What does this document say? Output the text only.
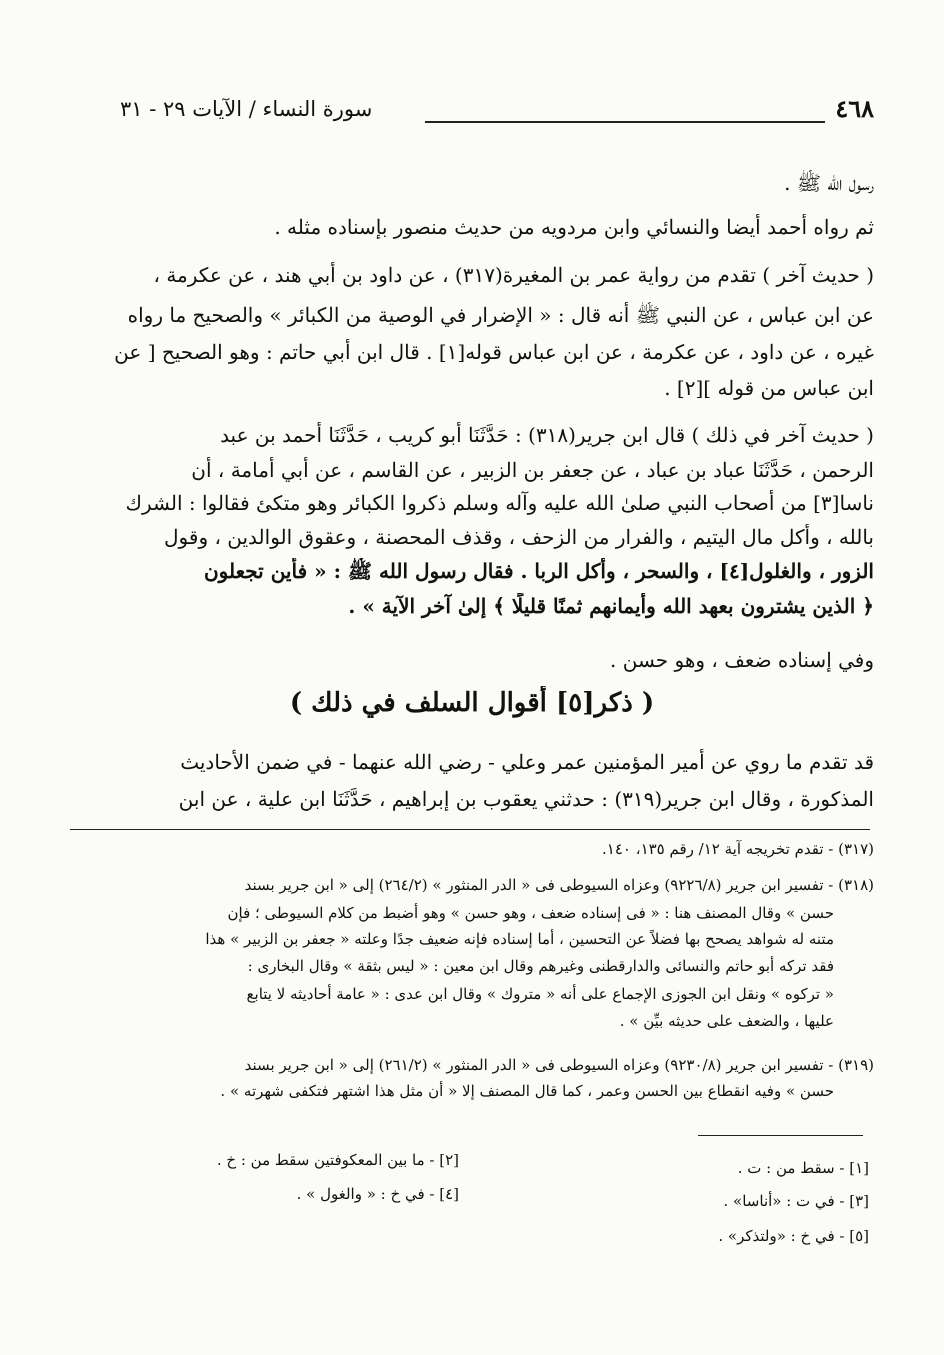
٤٦٨
سورة النساء / الآيات ٢٩ - ٣١
رسول الله ﷺ .
ثم رواه أحمد أيضا والنسائي وابن مردويه من حديث منصور بإسناده مثله .
( حديث آخر ) تقدم من رواية عمر بن المغيرة(٣١٧) ، عن داود بن أبي هند ، عن عكرمة ،
عن ابن عباس ، عن النبي ﷺ أنه قال : « الإضرار في الوصية من الكبائر » والصحيح ما رواه
غيره ، عن داود ، عن عكرمة ، عن ابن عباس قوله[١] . قال ابن أبي حاتم : وهو الصحيح [ عن
ابن عباس من قوله ][٢] .
( حديث آخر في ذلك ) قال ابن جرير(٣١٨) : حَدَّثَنَا أبو كريب ، حَدَّثَنَا أحمد بن عبد
الرحمن ، حَدَّثَنَا عباد بن عباد ، عن جعفر بن الزبير ، عن القاسم ، عن أبي أمامة ، أن
ناسا[٣] من أصحاب النبي صلىٰ الله عليه وآله وسلم ذكروا الكبائر وهو متكئ فقالوا : الشرك
بالله ، وأكل مال اليتيم ، والفرار من الزحف ، وقذف المحصنة ، وعقوق الوالدين ، وقول
الزور ، والغلول[٤] ، والسحر ، وأكل الربا . فقال رسول الله ﷺ : « فأين تجعلون
﴿ الذين يشترون بعهد الله وأيمانهم ثمنًا قليلًا ﴾ إلىٰ آخر الآية » .
وفي إسناده ضعف ، وهو حسن .
( ذكر[٥] أقوال السلف في ذلك )
قد تقدم ما روي عن أمير المؤمنين عمر وعلي - رضي الله عنهما - في ضمن الأحاديث
المذكورة ، وقال ابن جرير(٣١٩) : حدثني يعقوب بن إبراهيم ، حَدَّثَنَا ابن علية ، عن ابن
(٣١٧) - تقدم تخريجه آية ١٢/ رقم ١٣٥، ١٤٠.
(٣١٨) - تفسير ابن جرير (٩٢٢٦/٨) وعزاه السيوطى فى « الدر المنثور » (٢٦٤/٢) إلى « ابن جرير بسند
حسن » وقال المصنف هنا : « فى إسناده ضعف ، وهو حسن » وهو أضبط من كلام السيوطى ؛ فإن
متنه له شواهد يصحح بها فضلاً عن التحسين ، أما إسناده فإنه ضعيف جدًا وعلته « جعفر بن الزبير » هذا
فقد تركه أبو حاتم والنسائى والدارقطنى وغيرهم وقال ابن معين : « ليس بثقة » وقال البخارى :
« تركوه » ونقل ابن الجوزى الإجماع على أنه « متروك » وقال ابن عدى : « عامة أحاديثه لا يتابع
عليها ، والضعف على حديثه بيِّن » .
(٣١٩) - تفسير ابن جرير (٩٢٣٠/٨) وعزاه السيوطى فى « الدر المنثور » (٢٦١/٢) إلى « ابن جرير بسند
حسن » وفيه انقطاع بين الحسن وعمر ، كما قال المصنف إلا « أن مثل هذا اشتهر فتكفى شهرته » .
[١] - سقط من : ت .
[٢] - ما بين المعكوفتين سقط من : خ .
[٣] - في ت : «أناسا» .
[٤] - في خ : « والغول » .
[٥] - في خ : «ولتذكر» .
